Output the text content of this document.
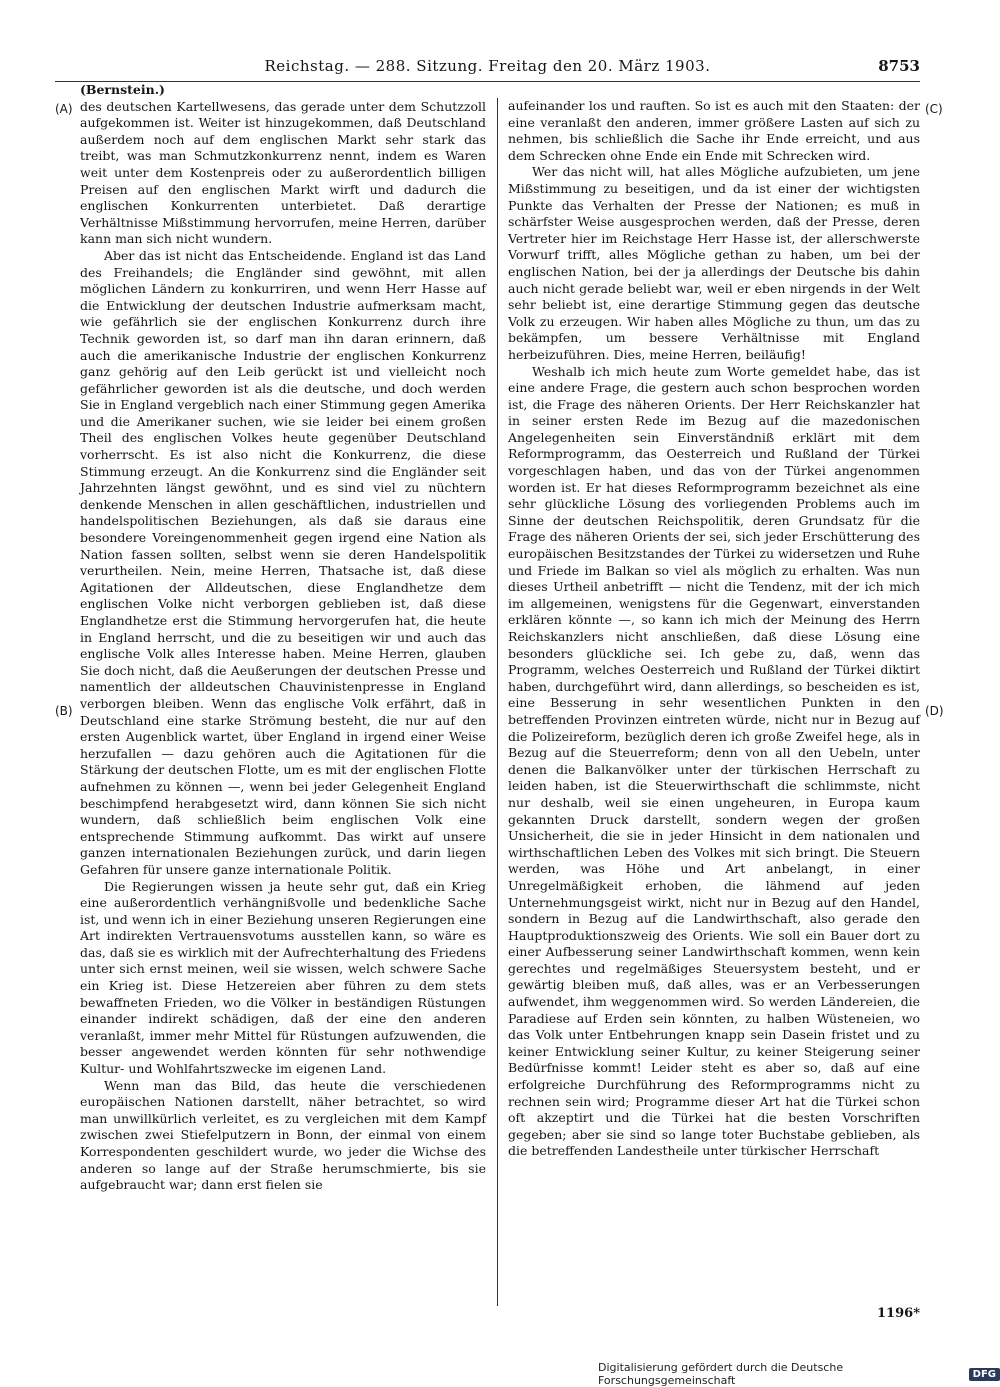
Reichstag. — 288. Sitzung. Freitag den 20. März 1903.	8753
(A)
(B)
(C)
(D)

(Bernstein.)

des deutschen Kartellwesens, das gerade unter dem Schutzzoll aufgekommen ist. Weiter ist hinzugekommen, daß Deutschland außerdem noch auf dem englischen Markt sehr stark das treibt, was man Schmutzkonkurrenz nennt, indem es Waren weit unter dem Kostenpreis oder zu außerordentlich billigen Preisen auf den englischen Markt wirft und dadurch die englischen Konkurrenten unterbietet. Daß derartige Verhältnisse Mißstimmung hervorrufen, meine Herren, darüber kann man sich nicht wundern.

Aber das ist nicht das Entscheidende. England ist das Land des Freihandels; die Engländer sind gewöhnt, mit allen möglichen Ländern zu konkurriren, und wenn Herr Hasse auf die Entwicklung der deutschen Industrie aufmerksam macht, wie gefährlich sie der englischen Konkurrenz durch ihre Technik geworden ist, so darf man ihn daran erinnern, daß auch die amerikanische Industrie der englischen Konkurrenz ganz gehörig auf den Leib gerückt ist und vielleicht noch gefährlicher geworden ist als die deutsche, und doch werden Sie in England vergeblich nach einer Stimmung gegen Amerika und die Amerikaner suchen, wie sie leider bei einem großen Theil des englischen Volkes heute gegenüber Deutschland vorherrscht. Es ist also nicht die Konkurrenz, die diese Stimmung erzeugt. An die Konkurrenz sind die Engländer seit Jahrzehnten längst gewöhnt, und es sind viel zu nüchtern denkende Menschen in allen geschäftlichen, industriellen und handelspolitischen Beziehungen, als daß sie daraus eine besondere Voreingenommenheit gegen irgend eine Nation als Nation fassen sollten, selbst wenn sie deren Handelspolitik verurtheilen. Nein, meine Herren, Thatsache ist, daß diese Agitationen der Alldeutschen, diese Englandhetze dem englischen Volke nicht verborgen geblieben ist, daß diese Englandhetze erst die Stimmung hervorgerufen hat, die heute in England herrscht, und die zu beseitigen wir und auch das englische Volk alles Interesse haben. Meine Herren, glauben Sie doch nicht, daß die Aeußerungen der deutschen Presse und namentlich der alldeutschen Chauvinistenpresse in England verborgen bleiben. Wenn das englische Volk erfährt, daß in Deutschland eine starke Strömung besteht, die nur auf den ersten Augenblick wartet, über England in irgend einer Weise herzufallen — dazu gehören auch die Agitationen für die Stärkung der deutschen Flotte, um es mit der englischen Flotte aufnehmen zu können —, wenn bei jeder Gelegenheit England beschimpfend herabgesetzt wird, dann können Sie sich nicht wundern, daß schließlich beim englischen Volk eine entsprechende Stimmung aufkommt. Das wirkt auf unsere ganzen internationalen Beziehungen zurück, und darin liegen Gefahren für unsere ganze internationale Politik.

Die Regierungen wissen ja heute sehr gut, daß ein Krieg eine außerordentlich verhängnißvolle und bedenkliche Sache ist, und wenn ich in einer Beziehung unseren Regierungen eine Art indirekten Vertrauensvotums ausstellen kann, so wäre es das, daß sie es wirklich mit der Aufrechterhaltung des Friedens unter sich ernst meinen, weil sie wissen, welch schwere Sache ein Krieg ist. Diese Hetzereien aber führen zu dem stets bewaffneten Frieden, wo die Völker in beständigen Rüstungen einander indirekt schädigen, daß der eine den anderen veranlaßt, immer mehr Mittel für Rüstungen aufzuwenden, die besser angewendet werden könnten für sehr nothwendige Kultur- und Wohlfahrtszwecke im eigenen Land.

Wenn man das Bild, das heute die verschiedenen europäischen Nationen darstellt, näher betrachtet, so wird man unwillkürlich verleitet, es zu vergleichen mit dem Kampf zwischen zwei Stiefelputzern in Bonn, der einmal von einem Korrespondenten geschildert wurde, wo jeder die Wichse des anderen so lange auf der Straße herumschmierte, bis sie aufgebraucht war; dann erst fielen sie

aufeinander los und rauften. So ist es auch mit den Staaten: der eine veranlaßt den anderen, immer größere Lasten auf sich zu nehmen, bis schließlich die Sache ihr Ende erreicht, und aus dem Schrecken ohne Ende ein Ende mit Schrecken wird.

Wer das nicht will, hat alles Mögliche aufzubieten, um jene Mißstimmung zu beseitigen, und da ist einer der wichtigsten Punkte das Verhalten der Presse der Nationen; es muß in schärfster Weise ausgesprochen werden, daß der Presse, deren Vertreter hier im Reichstage Herr Hasse ist, der allerschwerste Vorwurf trifft, alles Mögliche gethan zu haben, um bei der englischen Nation, bei der ja allerdings der Deutsche bis dahin auch nicht gerade beliebt war, weil er eben nirgends in der Welt sehr beliebt ist, eine derartige Stimmung gegen das deutsche Volk zu erzeugen. Wir haben alles Mögliche zu thun, um das zu bekämpfen, um bessere Verhältnisse mit England herbeizuführen. Dies, meine Herren, beiläufig!

Weshalb ich mich heute zum Worte gemeldet habe, das ist eine andere Frage, die gestern auch schon besprochen worden ist, die Frage des näheren Orients. Der Herr Reichskanzler hat in seiner ersten Rede im Bezug auf die mazedonischen Angelegenheiten sein Einverständniß erklärt mit dem Reformprogramm, das Oesterreich und Rußland der Türkei vorgeschlagen haben, und das von der Türkei angenommen worden ist. Er hat dieses Reformprogramm bezeichnet als eine sehr glückliche Lösung des vorliegenden Problems auch im Sinne der deutschen Reichspolitik, deren Grundsatz für die Frage des näheren Orients der sei, sich jeder Erschütterung des europäischen Besitzstandes der Türkei zu widersetzen und Ruhe und Friede im Balkan so viel als möglich zu erhalten. Was nun dieses Urtheil anbetrifft — nicht die Tendenz, mit der ich mich im allgemeinen, wenigstens für die Gegenwart, einverstanden erklären könnte —, so kann ich mich der Meinung des Herrn Reichskanzlers nicht anschließen, daß diese Lösung eine besonders glückliche sei. Ich gebe zu, daß, wenn das Programm, welches Oesterreich und Rußland der Türkei diktirt haben, durchgeführt wird, dann allerdings, so bescheiden es ist, eine Besserung in sehr wesentlichen Punkten in den betreffenden Provinzen eintreten würde, nicht nur in Bezug auf die Polizeireform, bezüglich deren ich große Zweifel hege, als in Bezug auf die Steuerreform; denn von all den Uebeln, unter denen die Balkanvölker unter der türkischen Herrschaft zu leiden haben, ist die Steuerwirthschaft die schlimmste, nicht nur deshalb, weil sie einen ungeheuren, in Europa kaum gekannten Druck darstellt, sondern wegen der großen Unsicherheit, die sie in jeder Hinsicht in dem nationalen und wirthschaftlichen Leben des Volkes mit sich bringt. Die Steuern werden, was Höhe und Art anbelangt, in einer Unregelmäßigkeit erhoben, die lähmend auf jeden Unternehmungsgeist wirkt, nicht nur in Bezug auf den Handel, sondern in Bezug auf die Landwirthschaft, also gerade den Hauptproduktionszweig des Orients. Wie soll ein Bauer dort zu einer Aufbesserung seiner Landwirthschaft kommen, wenn kein gerechtes und regelmäßiges Steuersystem besteht, und er gewärtig bleiben muß, daß alles, was er an Verbesserungen aufwendet, ihm weggenommen wird. So werden Ländereien, die Paradiese auf Erden sein könnten, zu halben Wüsteneien, wo das Volk unter Entbehrungen knapp sein Dasein fristet und zu keiner Entwicklung seiner Kultur, zu keiner Steigerung seiner Bedürfnisse kommt! Leider steht es aber so, daß auf eine erfolgreiche Durchführung des Reformprogramms nicht zu rechnen sein wird; Programme dieser Art hat die Türkei schon oft akzeptirt und die Türkei hat die besten Vorschriften gegeben; aber sie sind so lange toter Buchstabe geblieben, als die betreffenden Landestheile unter türkischer Herrschaft

1196*
Digitalisierung gefördert durch die Deutsche Forschungsgemeinschaft	DFG
